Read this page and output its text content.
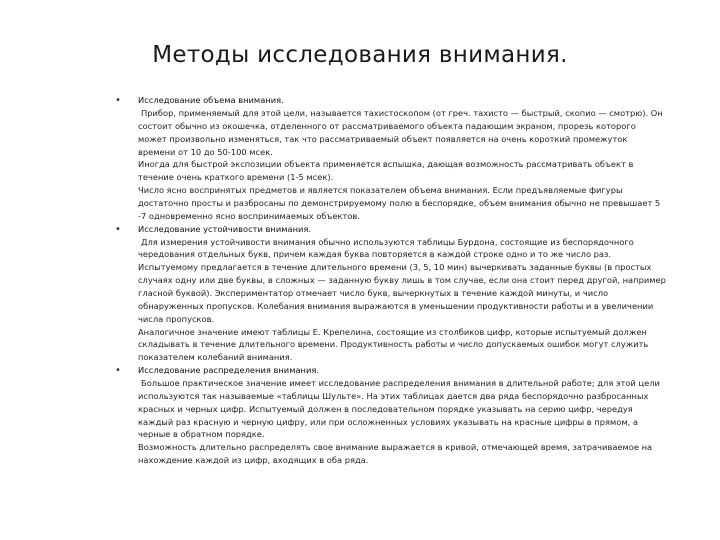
Методы исследования внимания.
• Исследование объема внимания.

Прибор, применяемый для этой цели, называется тахистоскопом (от греч. тахисто — быстрый, скопио — смотрю). Он

состоит обычно из окошечка, отделенного от рассматриваемого объекта падающим экраном, прорезь которого

может произвольно изменяться, так что рассматриваемый объект появляется на очень короткий промежуток

времени от 10 до 50-100 мсек.

Иногда для быстрой экспозиции объекта применяется вспышка, дающая возможность рассматривать объект в

течение очень краткого времени (1-5 мсек).

Число ясно воспринятых предметов и является показателем объема внимания. Если предъявляемые фигуры

достаточно просты и разбросаны по демонстрируемому полю в беспорядке, объем внимания обычно не превышает 5

-7 одновременно ясно воспринимаемых объектов.

• Исследование устойчивости внимания.

Для измерения устойчивости внимания обычно используются таблицы Бурдона, состоящие из беспорядочного

чередования отдельных букв, причем каждая буква повторяется в каждой строке одно и то же число раз.

Испытуемому предлагается в течение длительного времени (3, 5, 10 мин) вычеркивать заданные буквы (в простых

случаях одну или две буквы, в сложных — заданную букву лишь в том случае, если она стоит перед другой, например

гласной буквой). Экспериментатор отмечает число букв, вычеркнутых в течение каждой минуты, и число

обнаруженных пропусков. Колебания внимания выражаются в уменьшении продуктивности работы и в увеличении

числа пропусков.

Аналогичное значение имеют таблицы Е. Крепелина, состоящие из столбиков цифр, которые испытуемый должен

складывать в течение длительного времени. Продуктивность работы и число допускаемых ошибок могут служить

показателем колебаний внимания.

• Исследование распределения внимания.

Большое практическое значение имеет исследование распределения внимания в длительной работе; для этой цели

используются так называемые «таблицы Шульте». На этих таблицах дается два ряда беспорядочно разбросанных

красных и черных цифр. Испытуемый должен в последовательном порядке указывать на серию цифр, чередуя

каждый раз красную и черную цифру, или при осложненных условиях указывать на красные цифры в прямом, а

черные в обратном порядке.

Возможность длительно распределять свое внимание выражается в кривой, отмечающей время, затрачиваемое на

нахождение каждой из цифр, входящих в оба ряда.
